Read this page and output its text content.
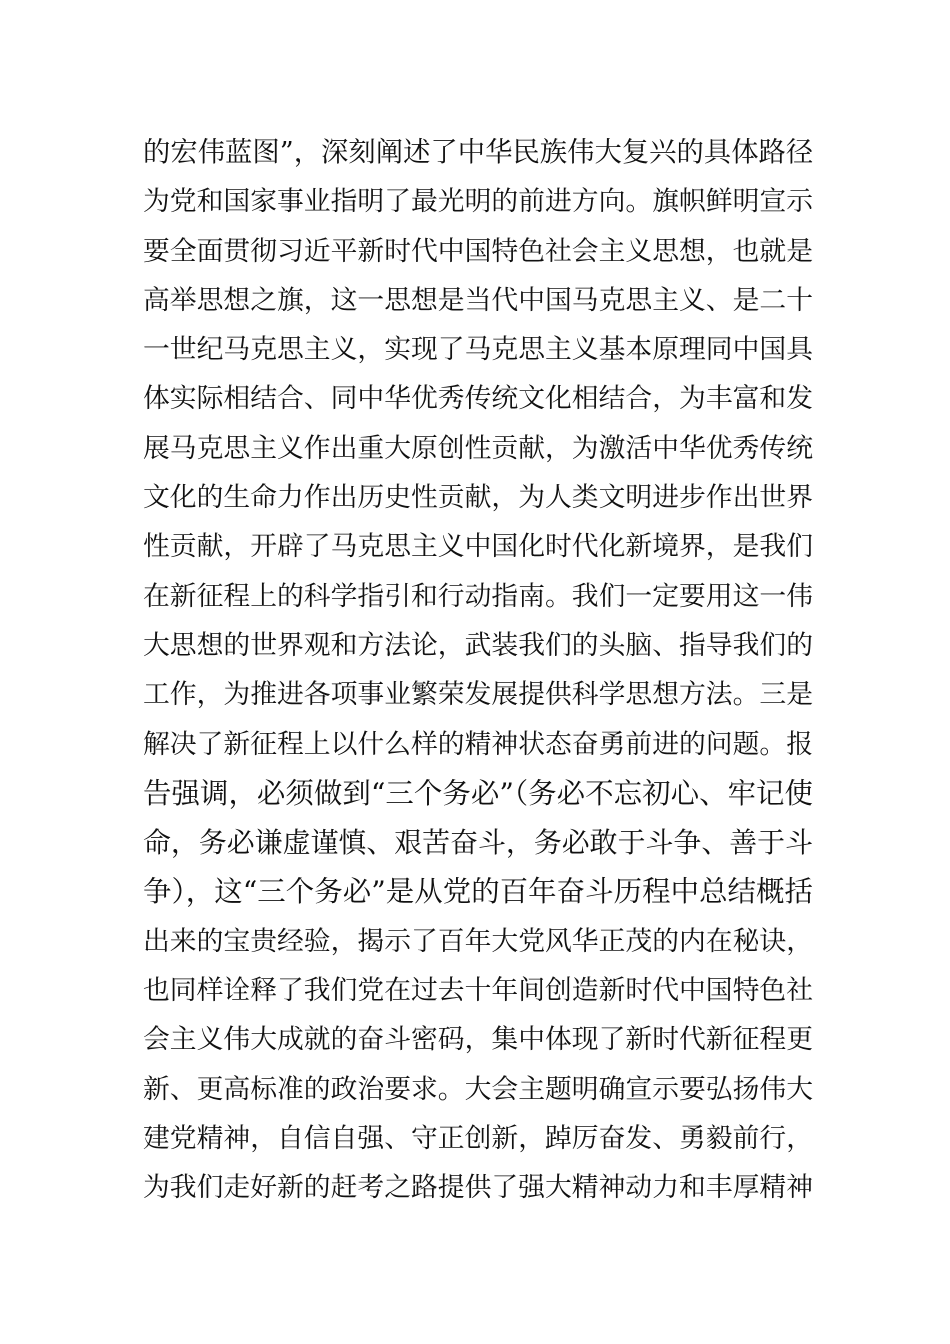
的宏伟蓝图”，深刻阐述了中华民族伟大复兴的具体路径
为党和国家事业指明了最光明的前进方向。旗帜鲜明宣示
要全面贯彻习近平新时代中国特色社会主义思想，也就是
高举思想之旗，这一思想是当代中国马克思主义、是二十
一世纪马克思主义，实现了马克思主义基本原理同中国具
体实际相结合、同中华优秀传统文化相结合，为丰富和发
展马克思主义作出重大原创性贡献，为激活中华优秀传统
文化的生命力作出历史性贡献，为人类文明进步作出世界
性贡献，开辟了马克思主义中国化时代化新境界，是我们
在新征程上的科学指引和行动指南。我们一定要用这一伟
大思想的世界观和方法论，武装我们的头脑、指导我们的
工作，为推进各项事业繁荣发展提供科学思想方法。三是
解决了新征程上以什么样的精神状态奋勇前进的问题。报
告强调，必须做到“三个务必”（务必不忘初心、牢记使
命，务必谦虚谨慎、艰苦奋斗，务必敢于斗争、善于斗
争），这“三个务必”是从党的百年奋斗历程中总结概括
出来的宝贵经验，揭示了百年大党风华正茂的内在秘诀，
也同样诠释了我们党在过去十年间创造新时代中国特色社
会主义伟大成就的奋斗密码，集中体现了新时代新征程更
新、更高标准的政治要求。大会主题明确宣示要弘扬伟大
建党精神，自信自强、守正创新，踔厉奋发、勇毅前行，
为我们走好新的赶考之路提供了强大精神动力和丰厚精神
